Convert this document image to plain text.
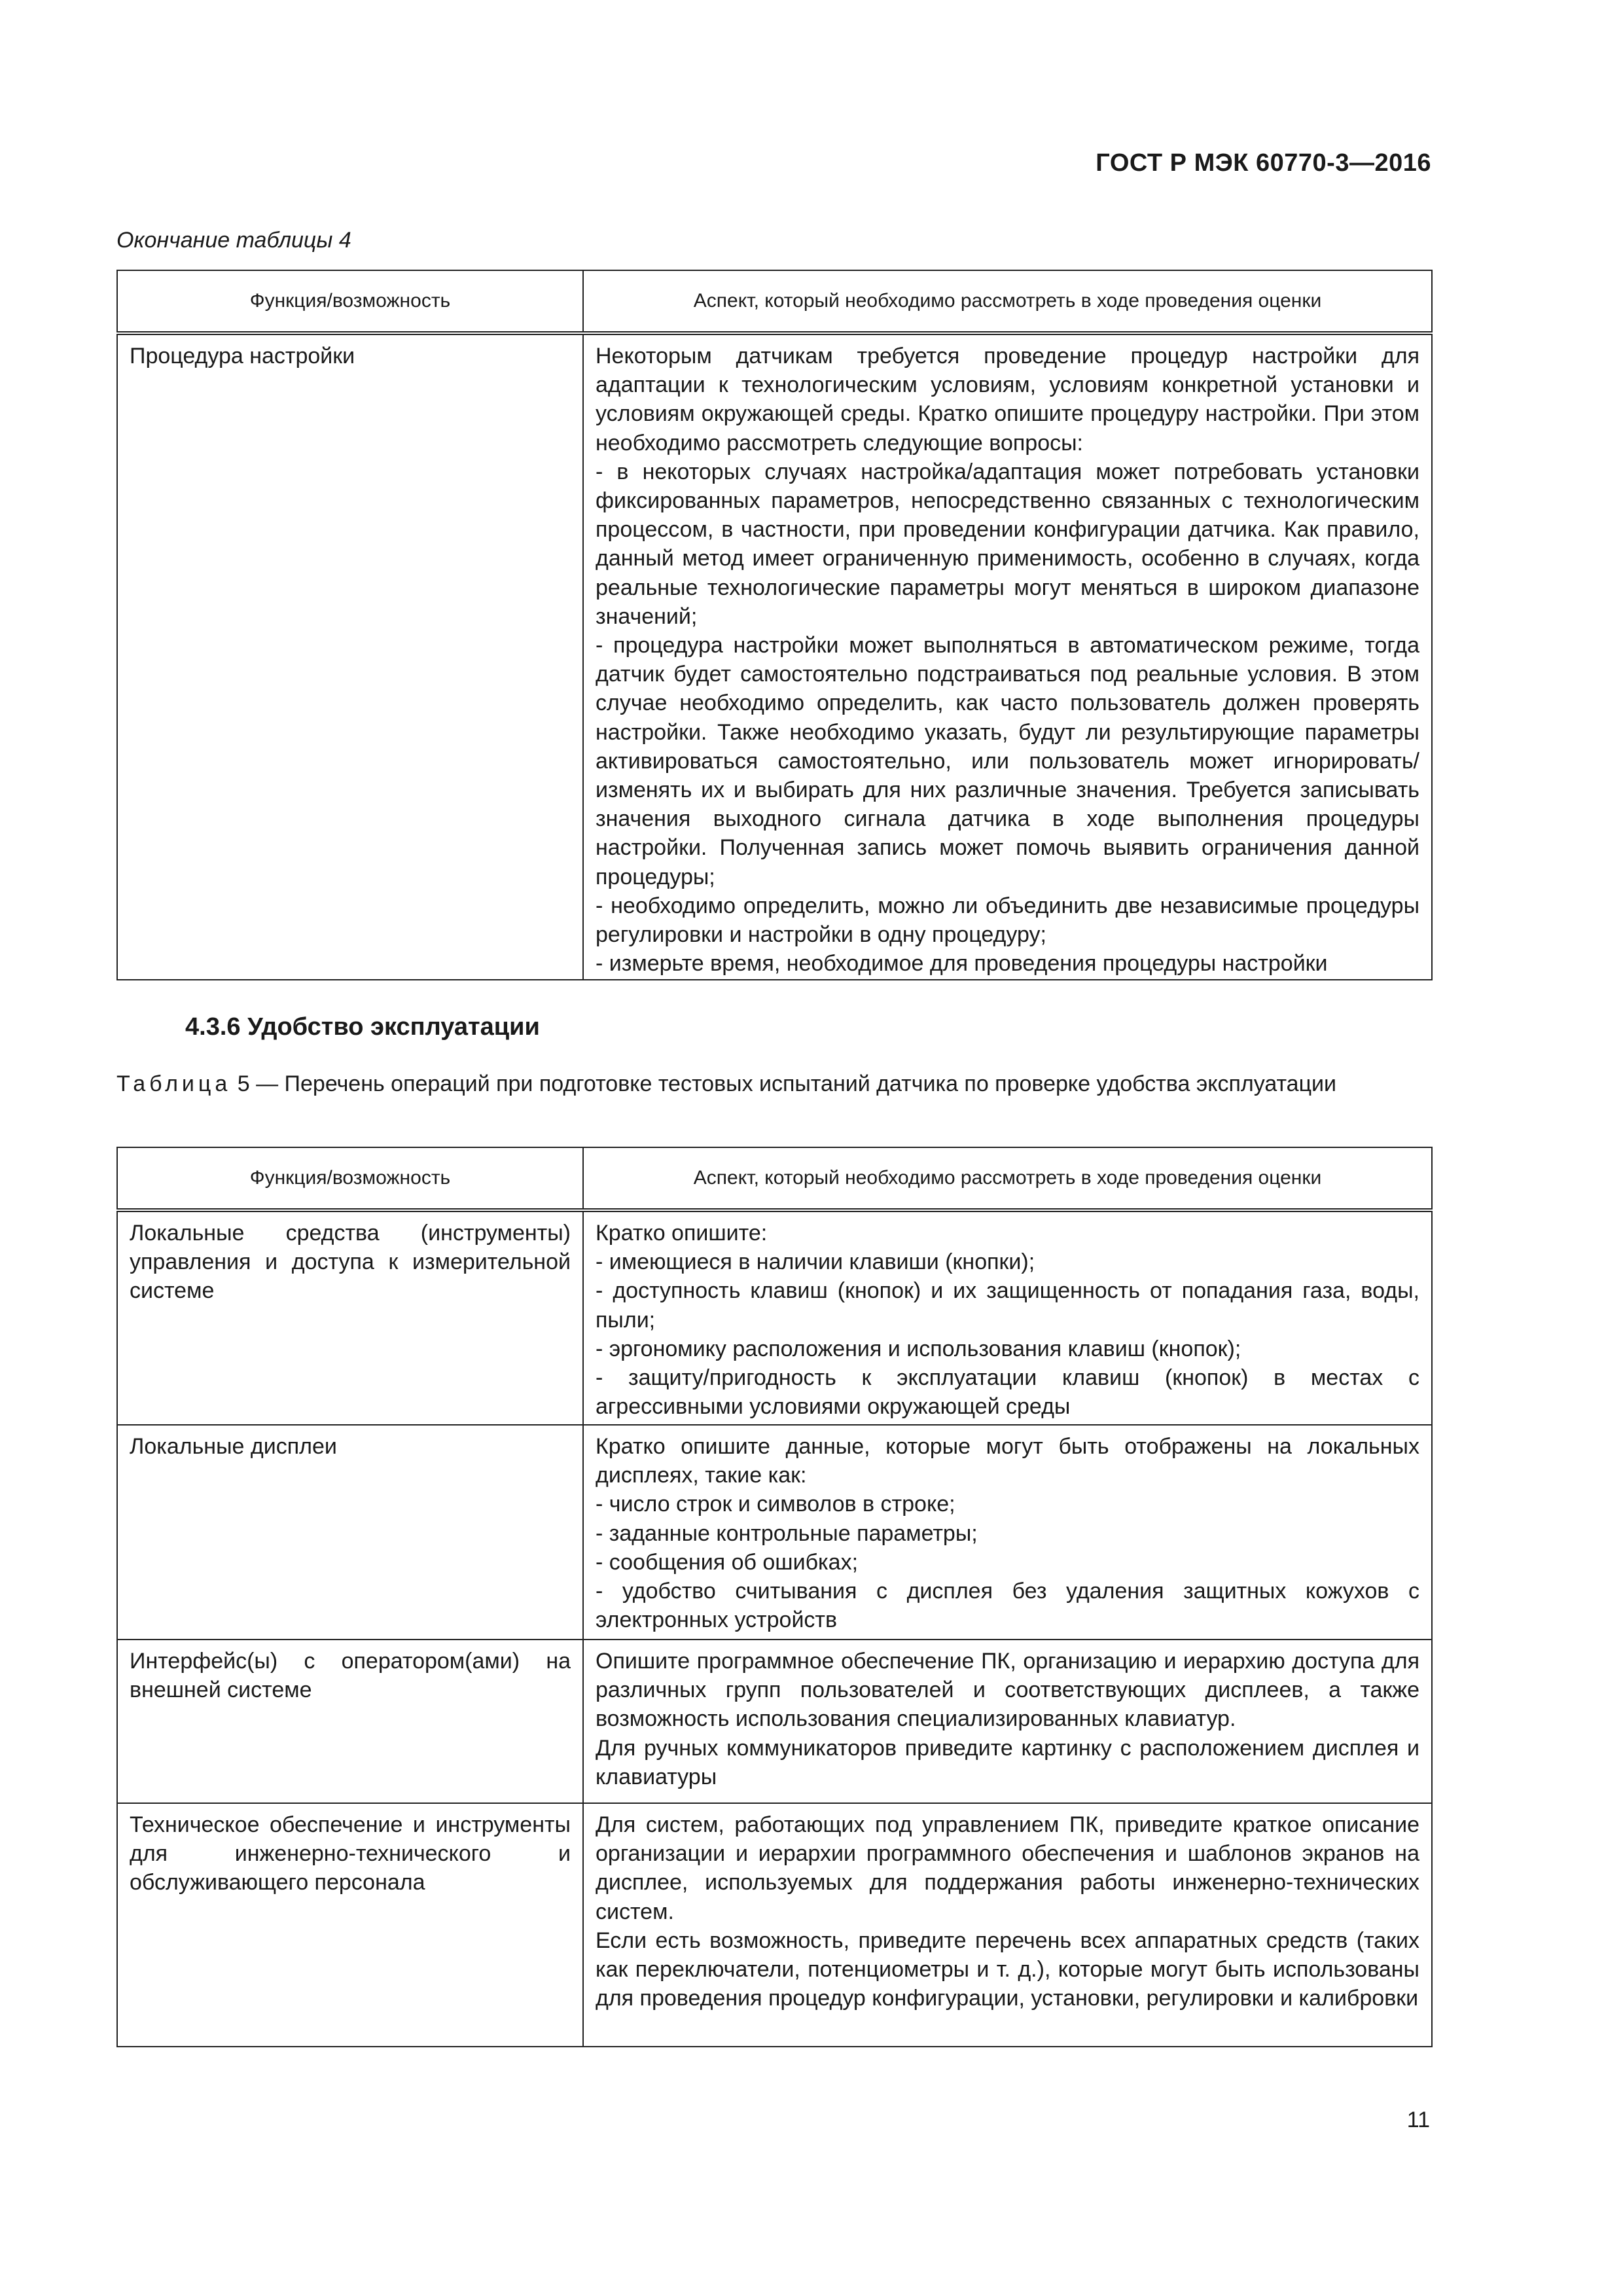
ГОСТ Р МЭК 60770-3—2016
Окончание таблицы 4
Функция/возможность	Аспект, который необходимо рассмотреть в ходе проведения оценки
Процедура настройки	Некоторым датчикам требуется проведение процедур настройки для адаптации к технологическим условиям, условиям конкретной установки и условиям окружающей среды. Кратко опишите процедуру настройки. При этом необходимо рассмотреть следующие вопросы:
- в некоторых случаях настройка/адаптация может потребовать установки фиксированных параметров, непосредственно связанных с технологическим процессом, в частности, при проведении конфигурации датчика. Как правило, данный метод имеет ограниченную применимость, особенно в случаях, когда реальные технологические параметры могут меняться в широком диапазоне значений;
- процедура настройки может выполняться в автоматическом режиме, тогда датчик будет самостоятельно подстраиваться под реальные условия. В этом случае необходимо определить, как часто пользователь должен проверять настройки. Также необходимо указать, будут ли результирующие параметры активироваться самостоятельно, или пользователь может игнорировать/изменять их и выбирать для них различные значения. Требуется записывать значения выходного сигнала датчика в ходе выполнения процедуры настройки. Полученная запись может помочь выявить ограничения данной процедуры;
- необходимо определить, можно ли объединить две независимые процедуры регулировки и настройки в одну процедуру;
- измерьте время, необходимое для проведения процедуры настройки
4.3.6 Удобство эксплуатации
Таблица 5 — Перечень операций при подготовке тестовых испытаний датчика по проверке удобства эксплуатации
Функция/возможность	Аспект, который необходимо рассмотреть в ходе проведения оценки
Локальные средства (инструменты) управления и доступа к измерительной системе	Кратко опишите:
- имеющиеся в наличии клавиши (кнопки);
- доступность клавиш (кнопок) и их защищенность от попадания газа, воды, пыли;
- эргономику расположения и использования клавиш (кнопок);
- защиту/пригодность к эксплуатации клавиш (кнопок) в местах с агрессивными условиями окружающей среды

Локальные дисплеи	Кратко опишите данные, которые могут быть отображены на локальных дисплеях, такие как:
- число строк и символов в строке;
- заданные контрольные параметры;
- сообщения об ошибках;
- удобство считывания с дисплея без удаления защитных кожухов с электронных устройств

Интерфейс(ы) с оператором(ами) на внешней системе	Опишите программное обеспечение ПК, организацию и иерархию доступа для различных групп пользователей и соответствующих дисплеев, а также возможность использования специализированных клавиатур.
Для ручных коммуникаторов приведите картинку с расположением дисплея и клавиатуры

Техническое обеспечение и инструменты для инженерно-технического и обслуживающего персонала	Для систем, работающих под управлением ПК, приведите краткое описание организации и иерархии программного обеспечения и шаблонов экранов на дисплее, используемых для поддержания работы инженерно-технических систем.
Если есть возможность, приведите перечень всех аппаратных средств (таких как переключатели, потенциометры и т. д.), которые могут быть использованы для проведения процедур конфигурации, установки, регулировки и калибровки
11
